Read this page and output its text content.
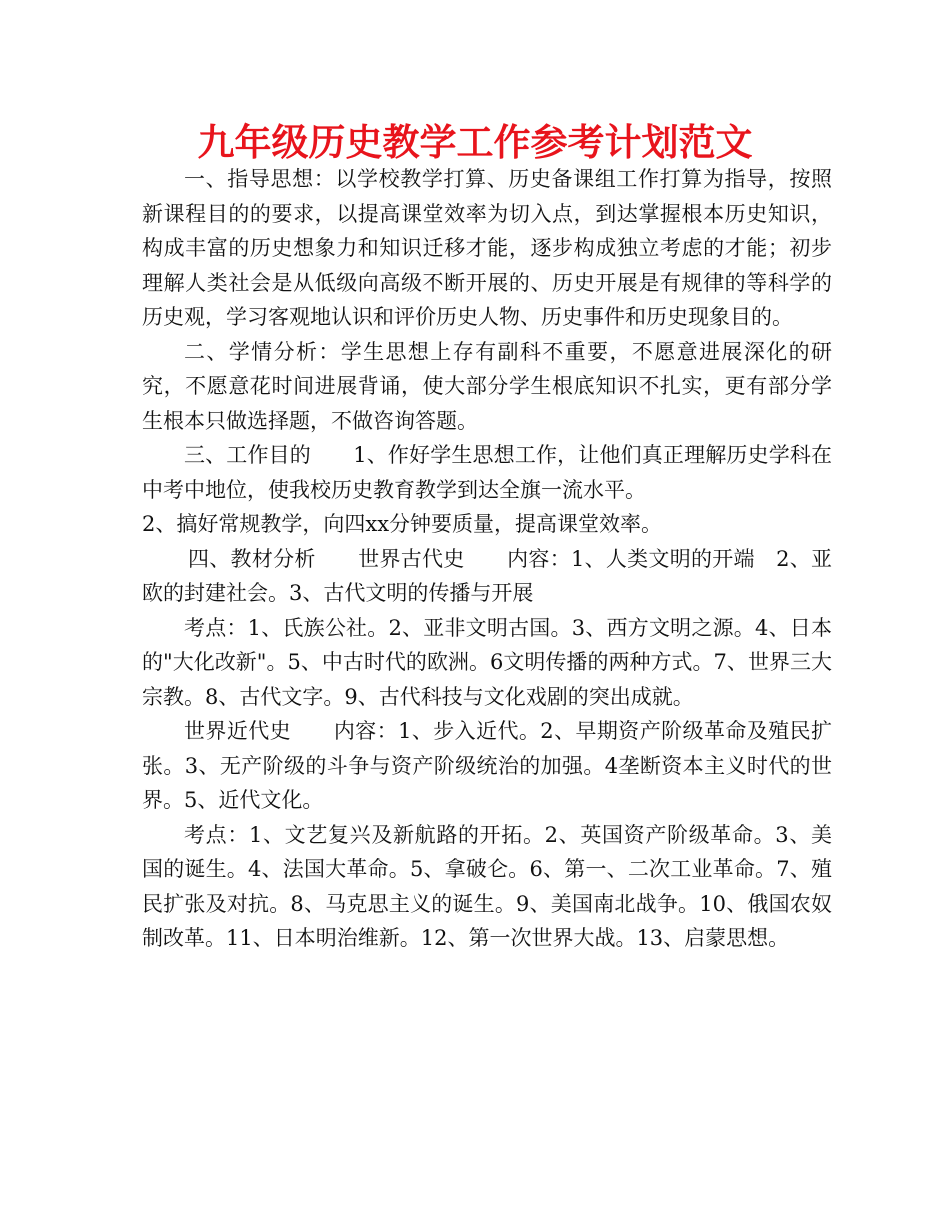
九年级历史教学工作参考计划范文

一、指导思想：以学校教学打算、历史备课组工作打算为指导，按照新课程目的的要求，以提高课堂效率为切入点，到达掌握根本历史知识，构成丰富的历史想象力和知识迁移才能，逐步构成独立考虑的才能；初步理解人类社会是从低级向高级不断开展的、历史开展是有规律的等科学的历史观，学习客观地认识和评价历史人物、历史事件和历史现象目的。

二、学情分析：学生思想上存有副科不重要，不愿意进展深化的研究，不愿意花时间进展背诵，使大部分学生根底知识不扎实，更有部分学生根本只做选择题，不做咨询答题。

三、工作目的　　1、作好学生思想工作，让他们真正理解历史学科在中考中地位，使我校历史教育教学到达全旗一流水平。

2、搞好常规教学，向四xx分钟要质量，提高课堂效率。

四、教材分析　　世界古代史　　内容：1、人类文明的开端　2、亚欧的封建社会。3、古代文明的传播与开展

考点：1、氏族公社。2、亚非文明古国。3、西方文明之源。4、日本的"大化改新"。5、中古时代的欧洲。6文明传播的两种方式。7、世界三大宗教。8、古代文字。9、古代科技与文化戏剧的突出成就。

世界近代史　　内容：1、步入近代。2、早期资产阶级革命及殖民扩张。3、无产阶级的斗争与资产阶级统治的加强。4垄断资本主义时代的世界。5、近代文化。

考点：1、文艺复兴及新航路的开拓。2、英国资产阶级革命。3、美国的诞生。4、法国大革命。5、拿破仑。6、第一、二次工业革命。7、殖民扩张及对抗。8、马克思主义的诞生。9、美国南北战争。10、俄国农奴制改革。11、日本明治维新。12、第一次世界大战。13、启蒙思想。
